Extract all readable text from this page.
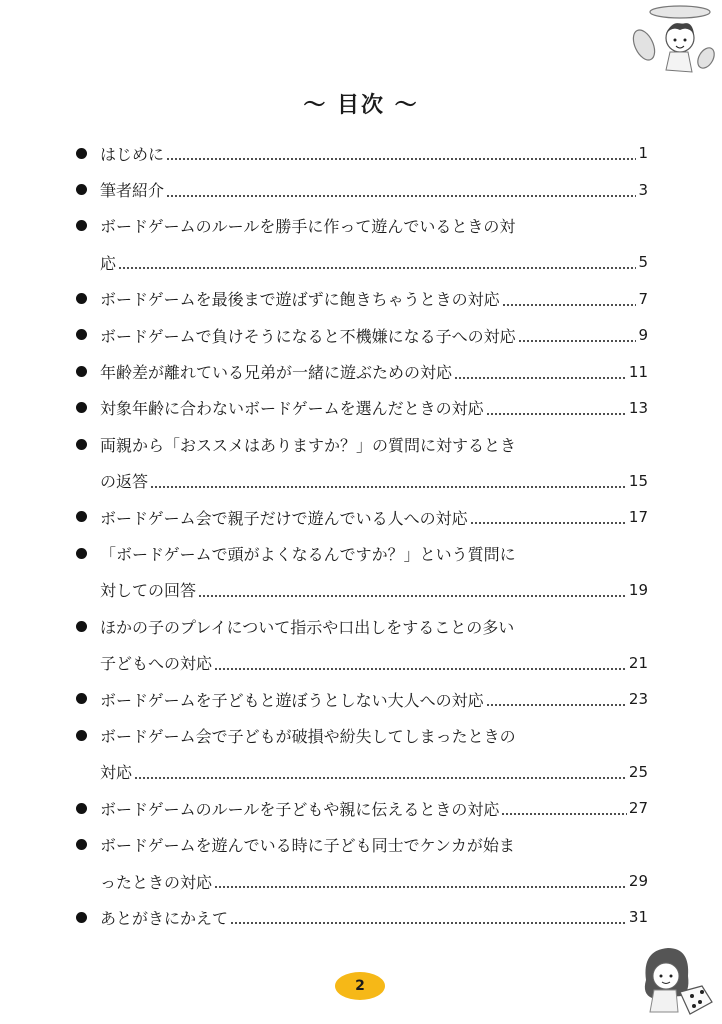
～ 目次 ～
はじめに	1
筆者紹介	3
ボードゲームのルールを勝手に作って遊んでいるときの対
応	5
ボードゲームを最後まで遊ばずに飽きちゃうときの対応	7
ボードゲームで負けそうになると不機嫌になる子への対応	9
年齢差が離れている兄弟が一緒に遊ぶための対応	11
対象年齢に合わないボードゲームを選んだときの対応	13
両親から「おススメはありますか？」の質問に対するとき
の返答	15
ボードゲーム会で親子だけで遊んでいる人への対応	17
「ボードゲームで頭がよくなるんですか？」という質問に
対しての回答	19
ほかの子のプレイについて指示や口出しをすることの多い
子どもへの対応	21
ボードゲームを子どもと遊ぼうとしない大人への対応	23
ボードゲーム会で子どもが破損や紛失してしまったときの
対応	25
ボードゲームのルールを子どもや親に伝えるときの対応	27
ボードゲームを遊んでいる時に子ども同士でケンカが始ま
ったときの対応	29
あとがきにかえて	31
2
